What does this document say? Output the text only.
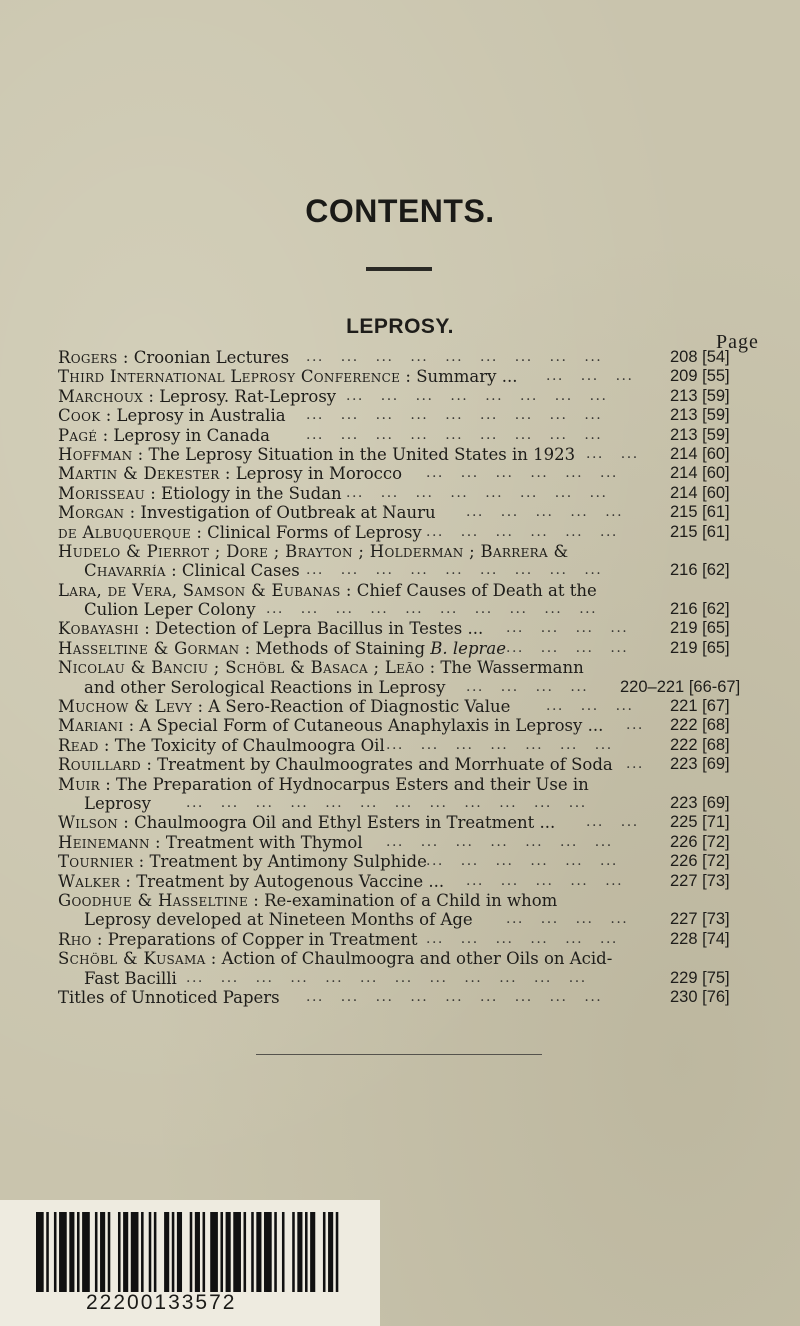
CONTENTS.
LEPROSY.
Page
Rogers : Croonian Lectures	208 [54]
... ... ... ... ... ... ... ... ...
Third International Leprosy Conference : Summary ...	209 [55]
... ... ...
Marchoux : Leprosy. Rat-Leprosy	213 [59]
... ... ... ... ... ... ... ...
Cook : Leprosy in Australia	213 [59]
... ... ... ... ... ... ... ... ...
Pagé : Leprosy in Canada	213 [59]
... ... ... ... ... ... ... ... ...
Hoffman : The Leprosy Situation in the United States in 1923	214 [60]
... ...
Martin & Dekester : Leprosy in Morocco	214 [60]
... ... ... ... ... ...
Morisseau : Etiology in the Sudan	214 [60]
... ... ... ... ... ... ... ...
Morgan : Investigation of Outbreak at Nauru	215 [61]
... ... ... ... ...
de Albuquerque : Clinical Forms of Leprosy	215 [61]
... ... ... ... ... ...
Hudelo & Pierrot ; Dore ; Brayton ; Holderman ; Barrera &
Chavarría : Clinical Cases	216 [62]
... ... ... ... ... ... ... ... ...
Lara, de Vera, Samson & Eubanas : Chief Causes of Death at the
Culion Leper Colony	216 [62]
... ... ... ... ... ... ... ... ... ...
Kobayashi : Detection of Lepra Bacillus in Testes ...	219 [65]
... ... ... ...
Hasseltine & Gorman : Methods of Staining B. leprae	219 [65]
... ... ... ...
Nicolau & Banciu ; Schöbl & Basaca ; Leão : The Wassermann
and other Serological Reactions in Leprosy	220–221 [66-67]
... ... ... ...
Muchow & Levy : A Sero-Reaction of Diagnostic Value	221 [67]
... ... ...
Mariani : A Special Form of Cutaneous Anaphylaxis in Leprosy ...	222 [68]
...
Read : The Toxicity of Chaulmoogra Oil	222 [68]
... ... ... ... ... ... ...
Rouillard : Treatment by Chaulmoogrates and Morrhuate of Soda	223 [69]
...
Muir : The Preparation of Hydnocarpus Esters and their Use in
Leprosy	223 [69]
... ... ... ... ... ... ... ... ... ... ... ...
Wilson : Chaulmoogra Oil and Ethyl Esters in Treatment ...	225 [71]
... ...
Heinemann : Treatment with Thymol	226 [72]
... ... ... ... ... ... ...
Tournier : Treatment by Antimony Sulphide	226 [72]
... ... ... ... ... ...
Walker : Treatment by Autogenous Vaccine ...	227 [73]
... ... ... ... ...
Goodhue & Hasseltine : Re-examination of a Child in whom
Leprosy developed at Nineteen Months of Age	227 [73]
... ... ... ...
Rho : Preparations of Copper in Treatment	228 [74]
... ... ... ... ... ...
Schöbl & Kusama : Action of Chaulmoogra and other Oils on Acid-
Fast Bacilli	229 [75]
... ... ... ... ... ... ... ... ... ... ... ...
Titles of Unnoticed Papers	230 [76]
... ... ... ... ... ... ... ... ...
22200133572
